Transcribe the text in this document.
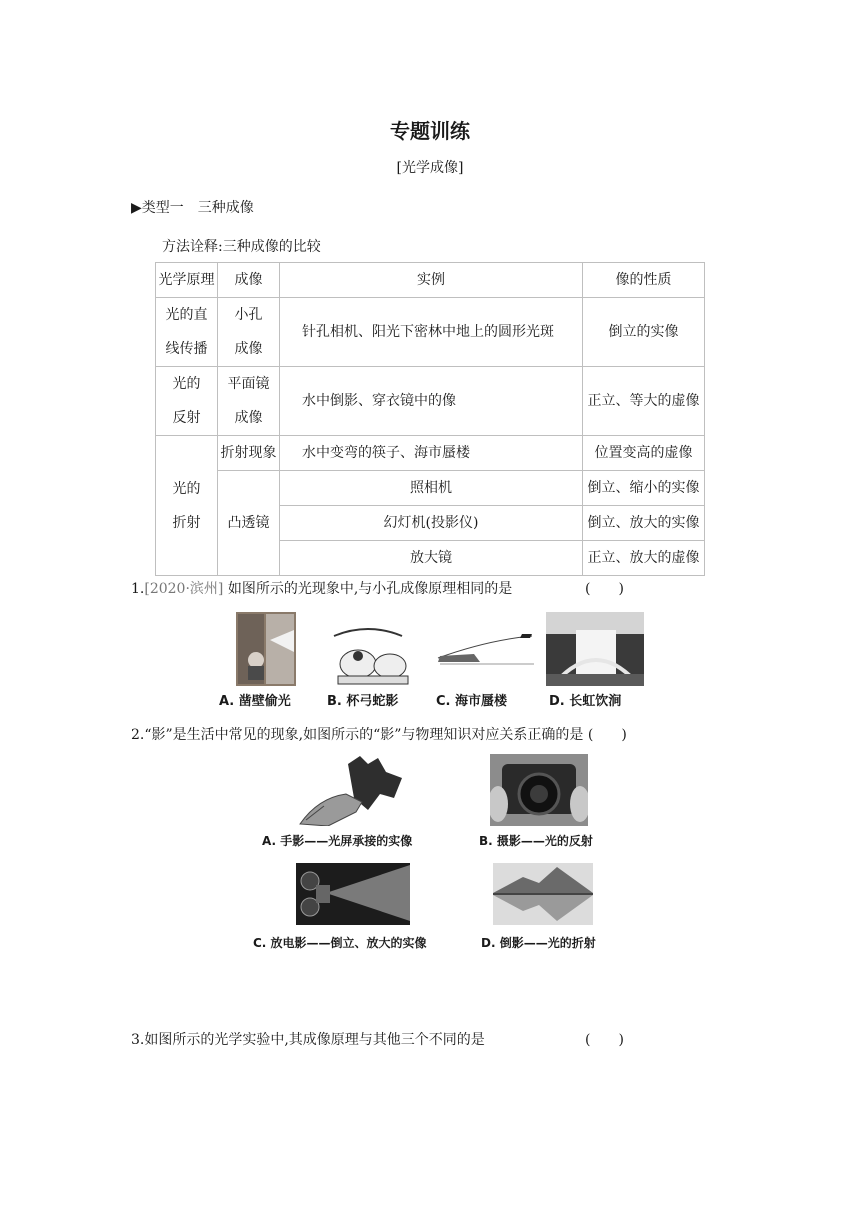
专题训练
[光学成像]
▶类型一　三种成像
方法诠释:三种成像的比较
光学原理	成像	实例	像的性质
光的直
线传播	小孔
成像	针孔相机、阳光下密林中地上的圆形光斑	倒立的实像
光的
反射	平面镜
成像	水中倒影、穿衣镜中的像	正立、等大的虚像
光的
折射	折射现象	水中变弯的筷子、海市蜃楼	位置变高的虚像
	凸透镜	照相机	倒立、缩小的实像
		幻灯机(投影仪)	倒立、放大的实像
		放大镜	正立、放大的虚像
1.[2020·滨州] 如图所示的光现象中,与小孔成像原理相同的是	(　　)
A. 凿壁偷光	B. 杯弓蛇影	C. 海市蜃楼	D. 长虹饮涧
2.“影”是生活中常见的现象,如图所示的“影”与物理知识对应关系正确的是 (　　)
A. 手影——光屏承接的实像	B. 摄影——光的反射
C. 放电影——倒立、放大的实像	D. 倒影——光的折射
3.如图所示的光学实验中,其成像原理与其他三个不同的是	(　　)
